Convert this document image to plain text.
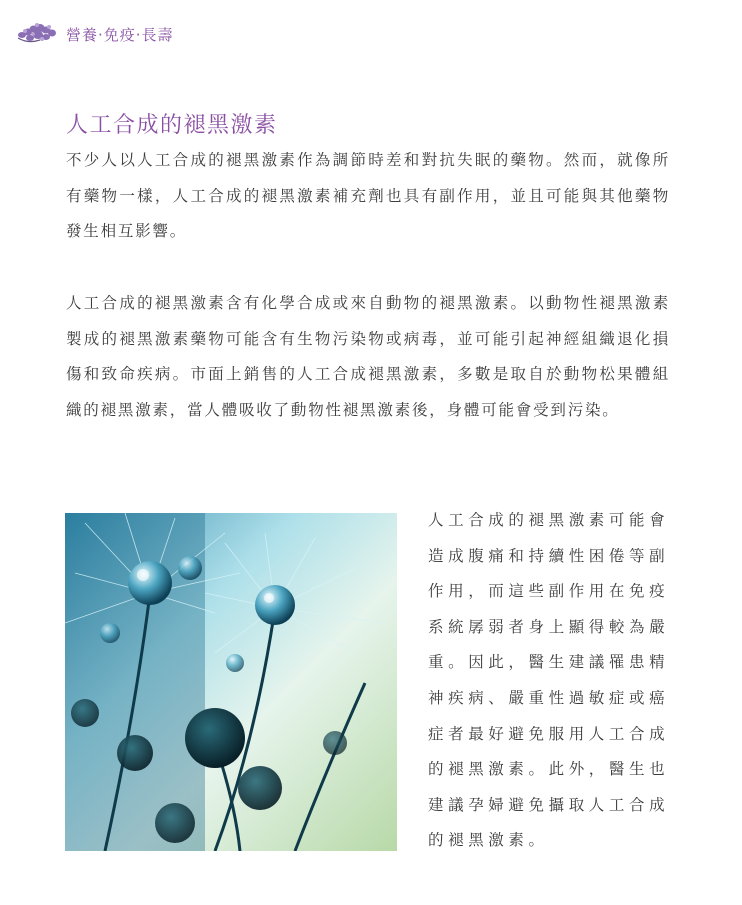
營養‧免疫‧長壽
人工合成的褪黑激素

不少人以人工合成的褪黑激素作為調節時差和對抗失眠的藥物。然而，就像所有藥物一樣，人工合成的褪黑激素補充劑也具有副作用，並且可能與其他藥物發生相互影響。

人工合成的褪黑激素含有化學合成或來自動物的褪黑激素。以動物性褪黑激素製成的褪黑激素藥物可能含有生物污染物或病毒，並可能引起神經組織退化損傷和致命疾病。市面上銷售的人工合成褪黑激素，多數是取自於動物松果體組織的褪黑激素，當人體吸收了動物性褪黑激素後，身體可能會受到污染。

人工合成的褪黑激素可能會造成腹痛和持續性困倦等副作用，而這些副作用在免疫系統孱弱者身上顯得較為嚴重。因此，醫生建議罹患精神疾病、嚴重性過敏症或癌症者最好避免服用人工合成的褪黑激素。此外，醫生也建議孕婦避免攝取人工合成的褪黑激素。
